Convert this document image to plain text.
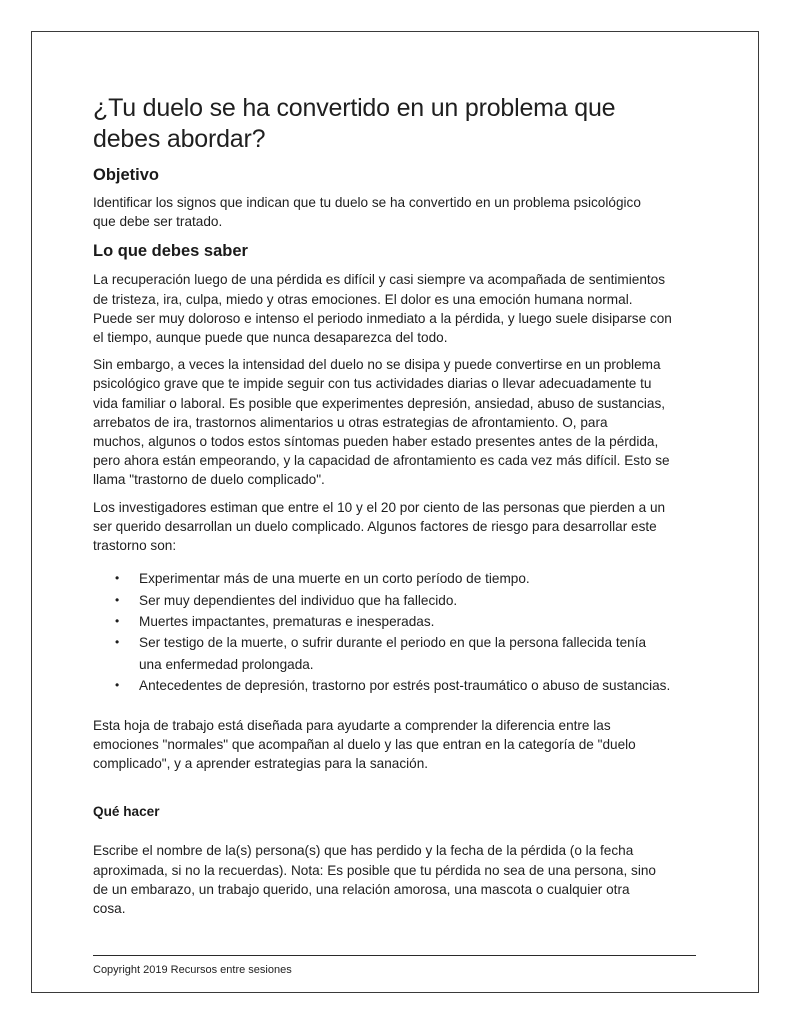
¿Tu duelo se ha convertido en un problema que
debes abordar?
Objetivo

Identificar los signos que indican que tu duelo se ha convertido en un problema psicológico
que debe ser tratado.

Lo que debes saber

La recuperación luego de una pérdida es difícil y casi siempre va acompañada de sentimientos
de tristeza, ira, culpa, miedo y otras emociones. El dolor es una emoción humana normal.
Puede ser muy doloroso e intenso el periodo inmediato a la pérdida, y luego suele disiparse con
el tiempo, aunque puede que nunca desaparezca del todo.

Sin embargo, a veces la intensidad del duelo no se disipa y puede convertirse en un problema
psicológico grave que te impide seguir con tus actividades diarias o llevar adecuadamente tu
vida familiar o laboral. Es posible que experimentes depresión, ansiedad, abuso de sustancias,
arrebatos de ira, trastornos alimentarios u otras estrategias de afrontamiento. O, para
muchos, algunos o todos estos síntomas pueden haber estado presentes antes de la pérdida,
pero ahora están empeorando, y la capacidad de afrontamiento es cada vez más difícil. Esto se
llama "trastorno de duelo complicado".

Los investigadores estiman que entre el 10 y el 20 por ciento de las personas que pierden a un
ser querido desarrollan un duelo complicado. Algunos factores de riesgo para desarrollar este
trastorno son:

• Experimentar más de una muerte en un corto período de tiempo.
• Ser muy dependientes del individuo que ha fallecido.
• Muertes impactantes, prematuras e inesperadas.
• Ser testigo de la muerte, o sufrir durante el periodo en que la persona fallecida tenía
una enfermedad prolongada.
• Antecedentes de depresión, trastorno por estrés post-traumático o abuso de sustancias.

Esta hoja de trabajo está diseñada para ayudarte a comprender la diferencia entre las
emociones "normales" que acompañan al duelo y las que entran en la categoría de "duelo
complicado", y a aprender estrategias para la sanación.

Qué hacer

Escribe el nombre de la(s) persona(s) que has perdido y la fecha de la pérdida (o la fecha
aproximada, si no la recuerdas). Nota: Es posible que tu pérdida no sea de una persona, sino
de un embarazo, un trabajo querido, una relación amorosa, una mascota o cualquier otra
cosa.

Copyright 2019 Recursos entre sesiones
